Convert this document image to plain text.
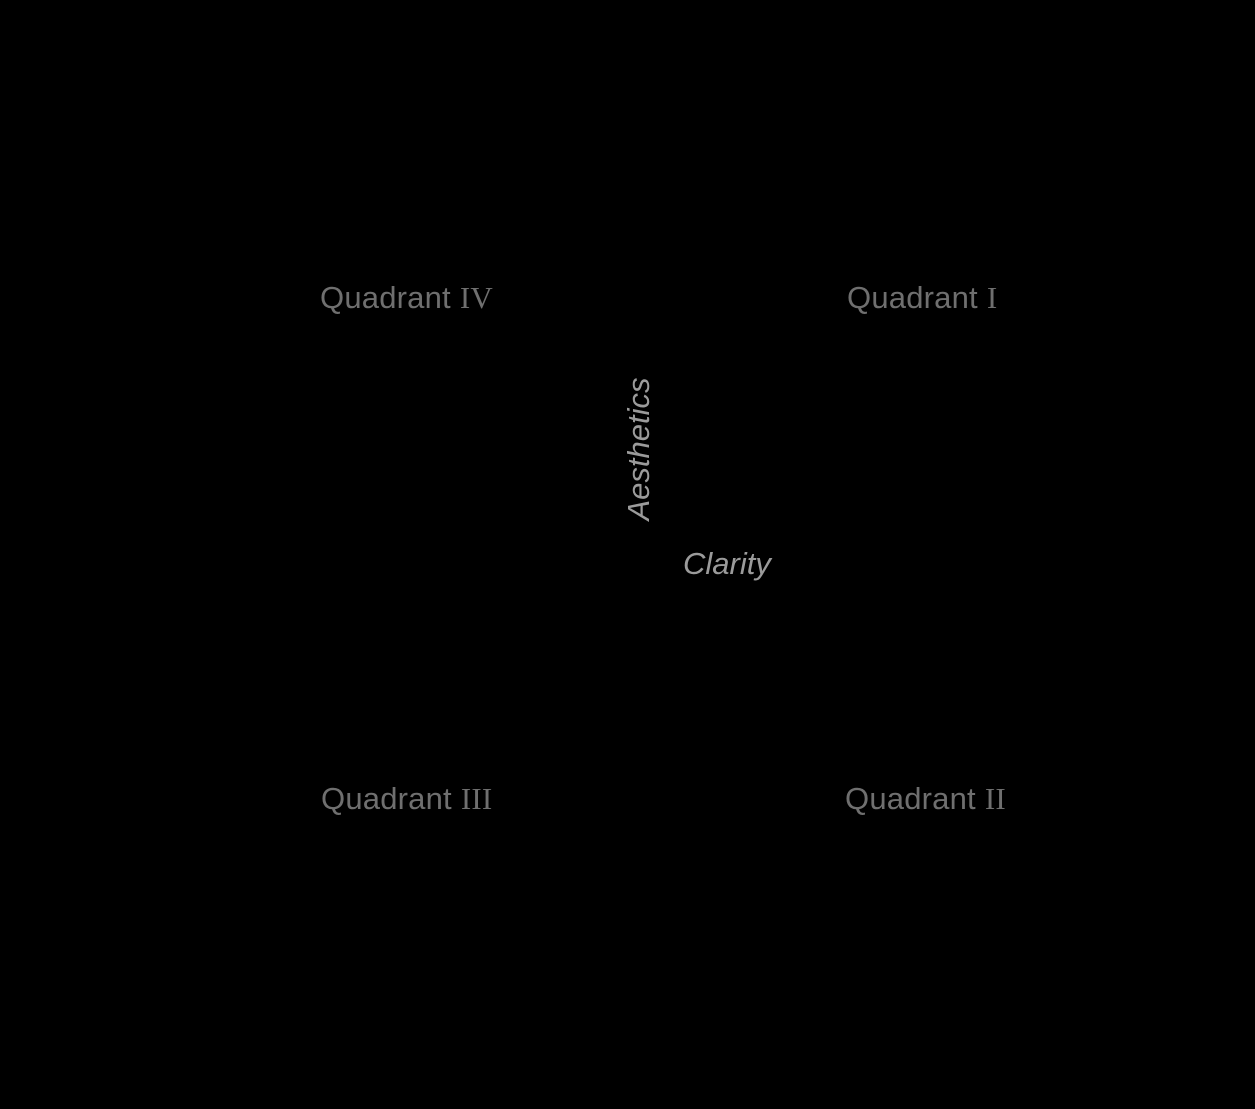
Aesthetics
Clarity
Quadrant I
Quadrant II
Quadrant III
Quadrant IV
